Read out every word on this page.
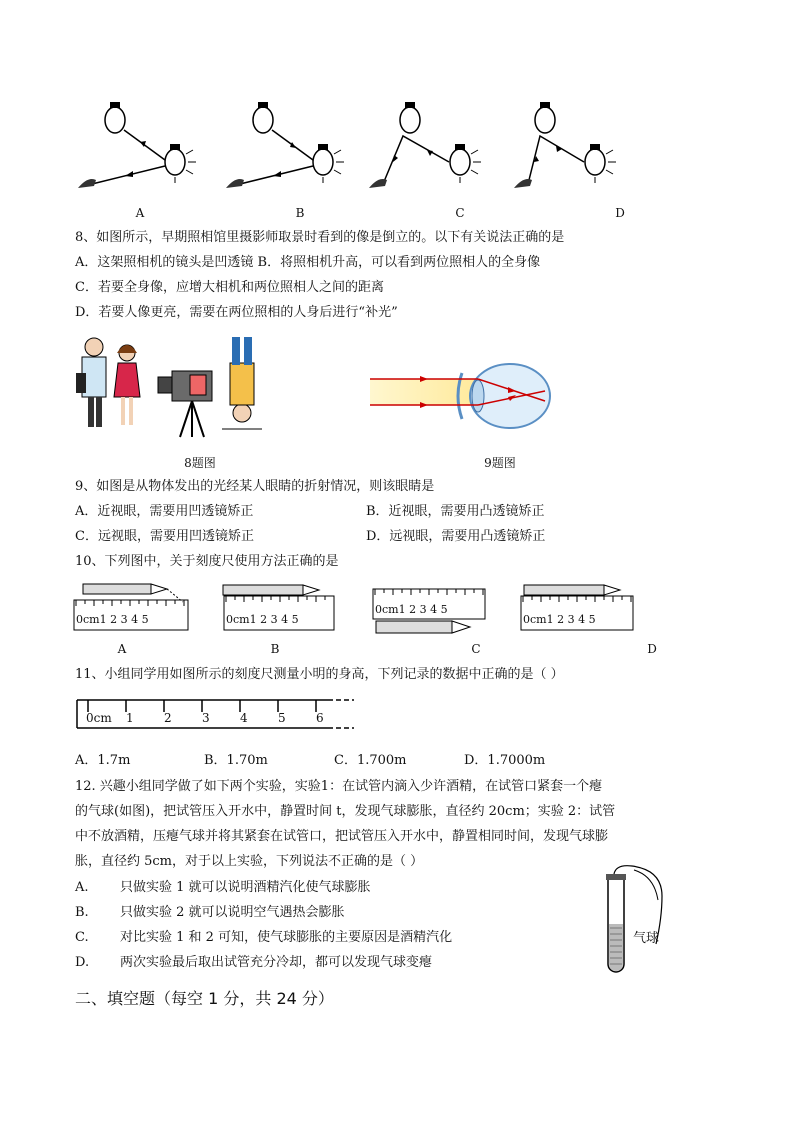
A	B	C	D
8、如图所示，早期照相馆里摄影师取景时看到的像是倒立的。以下有关说法正确的是
A．这架照相机的镜头是凹透镜 B．将照相机升高，可以看到两位照相人的全身像
C．若要全身像，应增大相机和两位照相人之间的距离
D．若要人像更亮，需要在两位照相的人身后进行“补光”
8题图	9题图
9、如图是从物体发出的光经某人眼睛的折射情况，则该眼睛是
A．近视眼，需要用凹透镜矫正	B．近视眼，需要用凸透镜矫正
C．远视眼，需要用凹透镜矫正	D．远视眼，需要用凸透镜矫正
10、下列图中，关于刻度尺使用方法正确的是
0cm1 2 3 4 5	0cm1 2 3 4 5
0cm1 2 3 4 5
0cm1 2 3 4 5
A	B	C	D
11、小组同学用如图所示的刻度尺测量小明的身高，下列记录的数据中正确的是（ ）
0cm 1	2	3	4	5	6
A．1.7m	B．1.70m	C．1.700m	D．1.7000m
12. 兴趣小组同学做了如下两个实验，实验1：在试管内滴入少许酒精，在试管口紧套一个瘪
的气球(如图)，把试管压入开水中，静置时间 t，发现气球膨胀，直径约 20cm；实验 2：试管
中不放酒精，压瘪气球并将其紧套在试管口，把试管压入开水中，静置相同时间，发现气球膨
胀，直径约 5cm，对于以上实验，下列说法不正确的是（ ）
A. 只做实验 1 就可以说明酒精汽化使气球膨胀
B. 只做实验 2 就可以说明空气遇热会膨胀
C. 对比实验 1 和 2 可知，使气球膨胀的主要原因是酒精汽化
D. 两次实验最后取出试管充分冷却，都可以发现气球变瘪
气球
二、填空题（每空 1 分，共 24 分）
